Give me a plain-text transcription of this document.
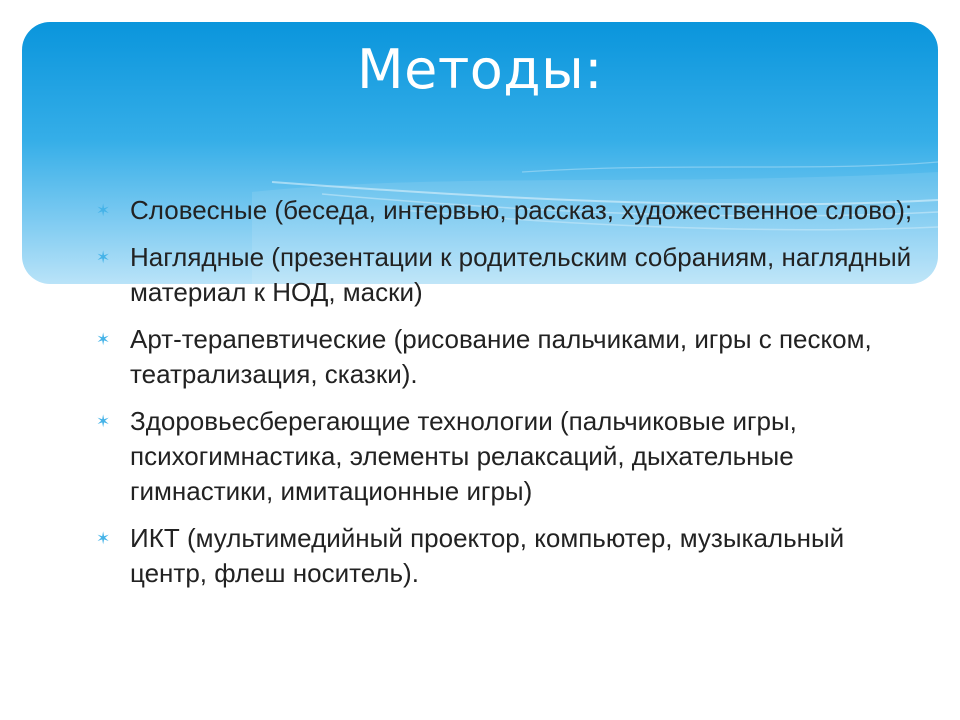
Методы:
✶ Словесные (беседа, интервью, рассказ, художественное слово);
✶ Наглядные (презентации к родительским собраниям, наглядный материал к НОД, маски)
✶ Арт-терапевтические (рисование пальчиками, игры с песком, театрализация, сказки).
✶ Здоровьесберегающие технологии (пальчиковые игры, психогимнастика, элементы релаксаций, дыхательные гимнастики, имитационные игры)
✶ ИКТ (мультимедийный проектор, компьютер, музыкальный центр, флеш носитель).
